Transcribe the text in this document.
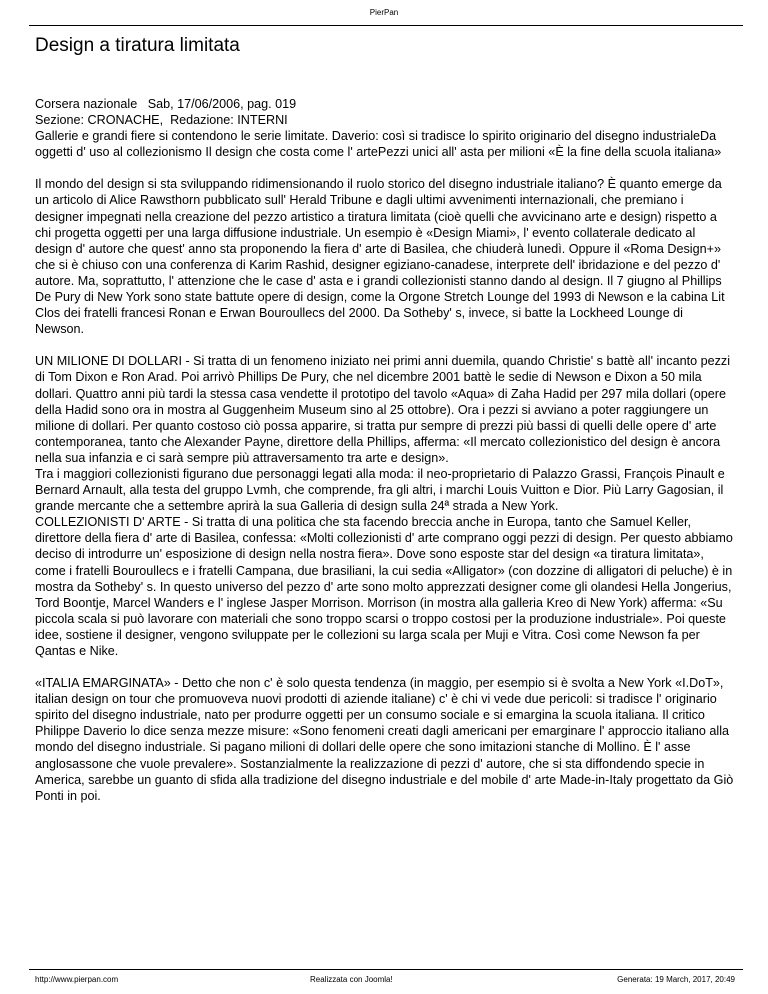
PierPan
Design a tiratura limitata

Corsera nazionale   Sab, 17/06/2006, pag. 019

Sezione: CRONACHE,  Redazione: INTERNI

Gallerie e grandi fiere si contendono le serie limitate. Daverio: così si tradisce lo spirito originario del disegno industrialeDa oggetti d' uso al collezionismo Il design che costa come l' artePezzi unici all' asta per milioni «È la fine della scuola italiana»

Il mondo del design si sta sviluppando ridimensionando il ruolo storico del disegno industriale italiano? È quanto emerge da un articolo di Alice Rawsthorn pubblicato sull' Herald Tribune e dagli ultimi avvenimenti internazionali, che premiano i designer impegnati nella creazione del pezzo artistico a tiratura limitata (cioè quelli che avvicinano arte e design) rispetto a chi progetta oggetti per una larga diffusione industriale. Un esempio è «Design Miami», l' evento collaterale dedicato al design d' autore che quest' anno sta proponendo la fiera d' arte di Basilea, che chiuderà lunedì. Oppure il «Roma Design+» che si è chiuso con una conferenza di Karim Rashid, designer egiziano-canadese, interprete dell' ibridazione e del pezzo d' autore. Ma, soprattutto, l' attenzione che le case d' asta e i grandi collezionisti stanno dando al design. Il 7 giugno al Phillips De Pury di New York sono state battute opere di design, come la Orgone Stretch Lounge del 1993 di Newson e la cabina Lit Clos dei fratelli francesi Ronan e Erwan Bouroullecs del 2000. Da Sotheby' s, invece, si batte la Lockheed Lounge di Newson.

UN MILIONE DI DOLLARI - Si tratta di un fenomeno iniziato nei primi anni duemila, quando Christie' s battè all' incanto pezzi di Tom Dixon e Ron Arad. Poi arrivò Phillips De Pury, che nel dicembre 2001 battè le sedie di Newson e Dixon a 50 mila dollari. Quattro anni più tardi la stessa casa vendette il prototipo del tavolo «Aqua» di Zaha Hadid per 297 mila dollari (opere della Hadid sono ora in mostra al Guggenheim Museum sino al 25 ottobre). Ora i pezzi si avviano a poter raggiungere un milione di dollari. Per quanto costoso ciò possa apparire, si tratta pur sempre di prezzi più bassi di quelli delle opere d' arte contemporanea, tanto che Alexander Payne, direttore della Phillips, afferma: «Il mercato collezionistico del design è ancora nella sua infanzia e ci sarà sempre più attraversamento tra arte e design».

Tra i maggiori collezionisti figurano due personaggi legati alla moda: il neo-proprietario di Palazzo Grassi, François Pinault e Bernard Arnault, alla testa del gruppo Lvmh, che comprende, fra gli altri, i marchi Louis Vuitton e Dior. Più Larry Gagosian, il grande mercante che a settembre aprirà la sua Galleria di design sulla 24ª strada a New York.

COLLEZIONISTI D' ARTE - Si tratta di una politica che sta facendo breccia anche in Europa, tanto che Samuel Keller, direttore della fiera d' arte di Basilea, confessa: «Molti collezionisti d' arte comprano oggi pezzi di design. Per questo abbiamo deciso di introdurre un' esposizione di design nella nostra fiera». Dove sono esposte star del design «a tiratura limitata», come i fratelli Bouroullecs e i fratelli Campana, due brasiliani, la cui sedia «Alligator» (con dozzine di alligatori di peluche) è in mostra da Sotheby' s. In questo universo del pezzo d' arte sono molto apprezzati designer come gli olandesi Hella Jongerius, Tord Boontje, Marcel Wanders e l' inglese Jasper Morrison. Morrison (in mostra alla galleria Kreo di New York) afferma: «Su piccola scala si può lavorare con materiali che sono troppo scarsi o troppo costosi per la produzione industriale». Poi queste idee, sostiene il designer, vengono sviluppate per le collezioni su larga scala per Muji e Vitra. Così come Newson fa per Qantas e Nike.

«ITALIA EMARGINATA» - Detto che non c' è solo questa tendenza (in maggio, per esempio si è svolta a New York «I.DoT», italian design on tour che promuoveva nuovi prodotti di aziende italiane) c' è chi vi vede due pericoli: si tradisce l' originario spirito del disegno industriale, nato per produrre oggetti per un consumo sociale e si emargina la scuola italiana. Il critico Philippe Daverio lo dice senza mezze misure: «Sono fenomeni creati dagli americani per emarginare l' approccio italiano alla mondo del disegno industriale. Si pagano milioni di dollari delle opere che sono imitazioni stanche di Mollino. È l' asse anglosassone che vuole prevalere». Sostanzialmente la realizzazione di pezzi d' autore, che si sta diffondendo specie in America, sarebbe un guanto di sfida alla tradizione del disegno industriale e del mobile d' arte Made-in-Italy progettato da Giò Ponti in poi.

http://www.pierpan.com	Realizzata con Joomla!	Generata: 19 March, 2017, 20:49
